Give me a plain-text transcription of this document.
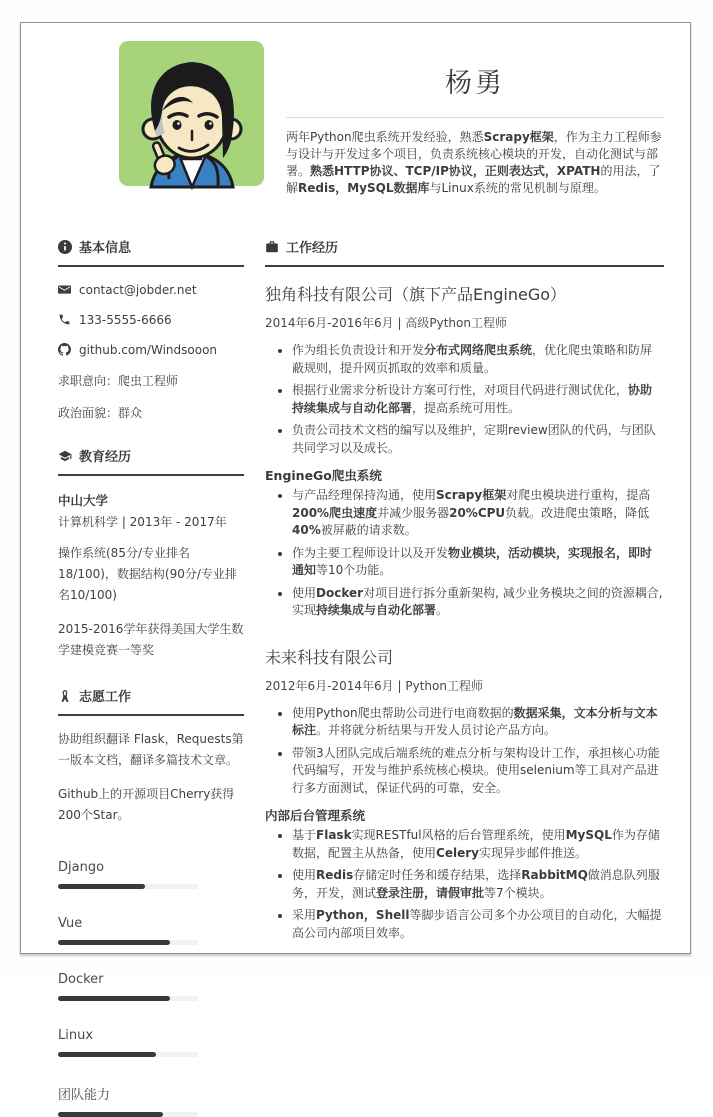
杨勇

两年Python爬虫系统开发经验，熟悉Scrapy框架，作为主力工程师参与设计与开发过多个项目，负责系统核心模块的开发，自动化测试与部署。熟悉HTTP协议、TCP/IP协议，正则表达式，XPATH的用法，了解Redis，MySQL数据库与Linux系统的常见机制与原理。

基本信息
contact@jobder.net
133-5555-6666
github.com/Windsooon
求职意向：爬虫工程师
政治面貌：群众
教育经历
中山大学
计算机科学 | 2013年 - 2017年

操作系统(85分/专业排名18/100)，数据结构(90分/专业排名10/100)

2015-2016学年获得美国大学生数学建模竞赛一等奖

志愿工作

协助组织翻译 Flask，Requests第一版本文档，翻译多篇技术文章。

Github上的开源项目Cherry获得200个Star。

Django
Vue
Docker
Linux
团队能力
工作经历
独角科技有限公司（旗下产品EngineGo）
2014年6月-2016年6月 | 高级Python工程师
• 作为组长负责设计和开发分布式网络爬虫系统，优化爬虫策略和防屏蔽规则，提升网页抓取的效率和质量。
• 根据行业需求分析设计方案可行性，对项目代码进行测试优化，协助持续集成与自动化部署，提高系统可用性。
• 负责公司技术文档的编写以及维护，定期review团队的代码，与团队共同学习以及成长。
EngineGo爬虫系统
• 与产品经理保持沟通，使用Scrapy框架对爬虫模块进行重构，提高200%爬虫速度并减少服务器20%CPU负载。改进爬虫策略，降低40%被屏蔽的请求数。
• 作为主要工程师设计以及开发物业模块，活动模块，实现报名，即时通知等10个功能。
• 使用Docker对项目进行拆分重新架构, 减少业务模块之间的资源耦合, 实现持续集成与自动化部署。
未来科技有限公司
2012年6月-2014年6月 | Python工程师
• 使用Python爬虫帮助公司进行电商数据的数据采集，文本分析与文本标注。并将就分析结果与开发人员讨论产品方向。
• 带领3人团队完成后端系统的难点分析与架构设计工作，承担核心功能代码编写，开发与维护系统核心模块。使用selenium等工具对产品进行多方面测试，保证代码的可靠，安全。
内部后台管理系统
• 基于Flask实现RESTful风格的后台管理系统，使用MySQL作为存储数据，配置主从热备，使用Celery实现异步邮件推送。
• 使用Redis存储定时任务和缓存结果，选择RabbitMQ做消息队列服务，开发，测试登录注册，请假审批等7个模块。
• 采用Python，Shell等脚步语言公司多个办公项目的自动化，大幅提高公司内部项目效率。
